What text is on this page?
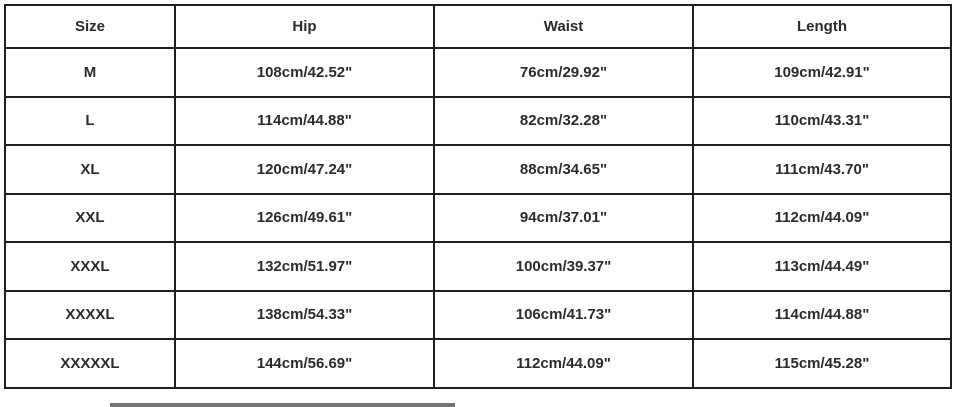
Size	Hip	Waist	Length
M	108cm/42.52"	76cm/29.92"	109cm/42.91"
L	114cm/44.88"	82cm/32.28"	110cm/43.31"
XL	120cm/47.24"	88cm/34.65"	111cm/43.70"
XXL	126cm/49.61"	94cm/37.01"	112cm/44.09"
XXXL	132cm/51.97"	100cm/39.37"	113cm/44.49"
XXXXL	138cm/54.33"	106cm/41.73"	114cm/44.88"
XXXXXL	144cm/56.69"	112cm/44.09"	115cm/45.28"
